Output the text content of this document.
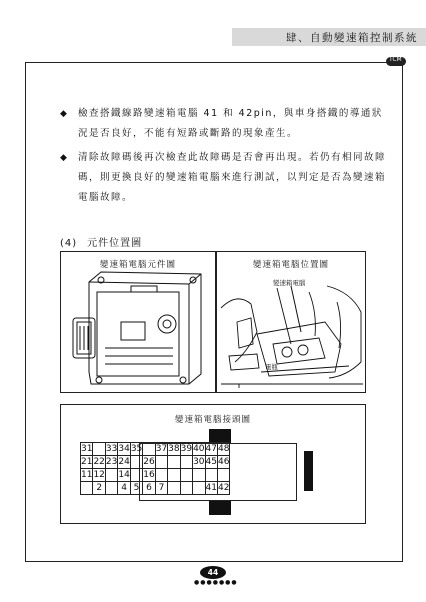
肆、自動變速箱控制系統
TCM
◆	檢查搭鐵線路變速箱電腦 41 和 42pin，與車身搭鐵的導通狀況是否良好，不能有短路或斷路的現象產生。
◆	清除故障碼後再次檢查此故障碼是否會再出現。若仍有相同故障碼，則更換良好的變速箱電腦來進行測試，以判定是否為變速箱電腦故障。
(4) 元件位置圖
變速箱電腦元件圖	變速箱電腦位置圖
變速箱電腦
電瓶
變速箱電腦接頭圖
31		33	34	35		37	38	39	40	47	48
21	22	23	24		26				30	45	46
11	12		14		16						
	2		4	5	6	7				41	42
44
●●●●●●●
